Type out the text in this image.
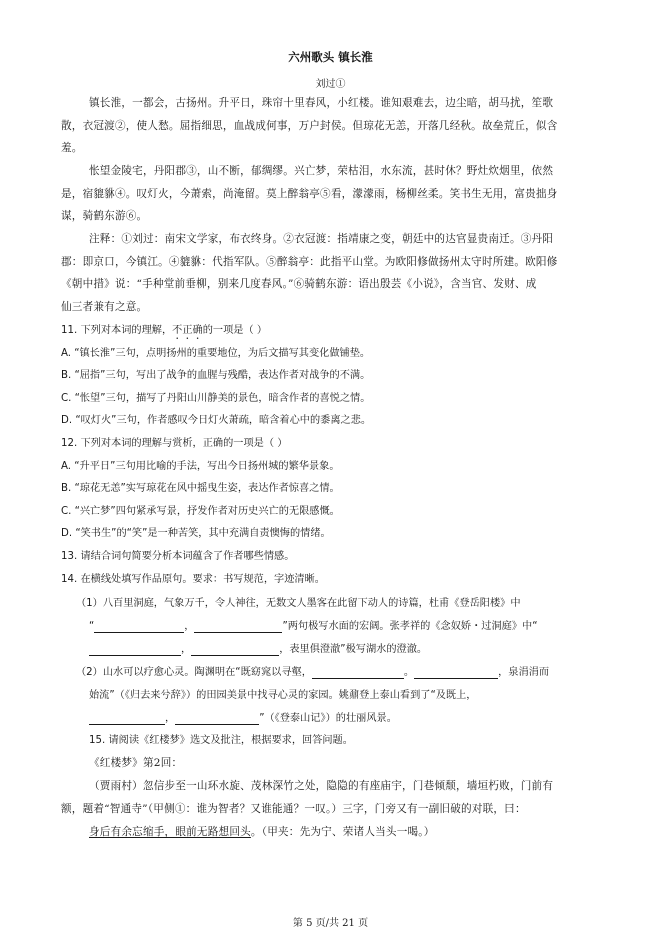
六州歌头 镇长淮
刘过①
镇长淮，一都会，古扬州。升平日，珠帘十里春风，小红楼。谁知艰难去，边尘暗，胡马扰，笙歌
散，衣冠渡②，使人愁。屈指细思，血战成何事，万户封侯。但琼花无恙，开落几经秋。故垒荒丘，似含
羞。
怅望金陵宅，丹阳郡③，山不断，郁绸缪。兴亡梦，荣枯泪，水东流，甚时休？野灶炊烟里，依然
是，宿貔貅④。叹灯火，今萧索，尚淹留。莫上醉翁亭⑤看，濛濛雨，杨柳丝柔。笑书生无用，富贵拙身
谋，骑鹤东游⑥。
注释：①刘过：南宋文学家，布衣终身。②衣冠渡：指靖康之变，朝廷中的达官显贵南迁。③丹阳
郡：即京口，今镇江。④貔貅：代指军队。⑤醉翁亭：此指平山堂。为欧阳修做扬州太守时所建。欧阳修
《朝中措》说：“手种堂前垂柳，别来几度春风。”⑥骑鹤东游：语出殷芸《小说》，含当官、发财、成
仙三者兼有之意。
11. 下列对本词的理解，不正确的一项是（ ）
A. “镇长淮”三句，点明扬州的重要地位，为后文描写其变化做铺垫。
B. “屈指”三句，写出了战争的血腥与残酷，表达作者对战争的不满。
C. “怅望”三句，描写了丹阳山川静美的景色，暗含作者的喜悦之情。
D. “叹灯火”三句，作者感叹今日灯火萧疏，暗含着心中的黍离之悲。
12. 下列对本词的理解与赏析，正确的一项是（ ）
A. “升平日”三句用比喻的手法，写出今日扬州城的繁华景象。
B. “琼花无恙”实写琼花在风中摇曳生姿，表达作者惊喜之情。
C. “兴亡梦”四句紧承写景，抒发作者对历史兴亡的无限感慨。
D. “笑书生”的“笑”是一种苦笑，其中充满自责懊悔的情绪。
13. 请结合词句简要分析本词蕴含了作者哪些情感。
14. 在横线处填写作品原句。要求：书写规范，字迹清晰。
（1）八百里洞庭，气象万千，令人神往，无数文人墨客在此留下动人的诗篇，杜甫《登岳阳楼》中
“	，	”两句极写水面的宏阔。张孝祥的《念奴娇・过洞庭》中“
，	，表里俱澄澈”极写湖水的澄澈。
（2）山水可以疗愈心灵。陶渊明在“既窈窕以寻壑，	。	，泉涓涓而
始流”（《归去来兮辞》）的田园美景中找寻心灵的家园。姚鼐登上泰山看到了“及既上，
，	”（《登泰山记》）的壮丽风景。
15. 请阅读《红楼梦》选文及批注，根据要求，回答问题。
《红楼梦》第2回：
（贾雨村）忽信步至一山环水旋、茂林深竹之处，隐隐的有座庙宇，门巷倾颓，墙垣朽败，门前有
额，题着“智通寺”（甲侧①：谁为智者？又谁能通？一叹。）三字，门旁又有一副旧破的对联，曰：
身后有余忘缩手，眼前无路想回头。（甲夹：先为宁、荣诸人当头一喝。）
第 5 页/共 21 页
